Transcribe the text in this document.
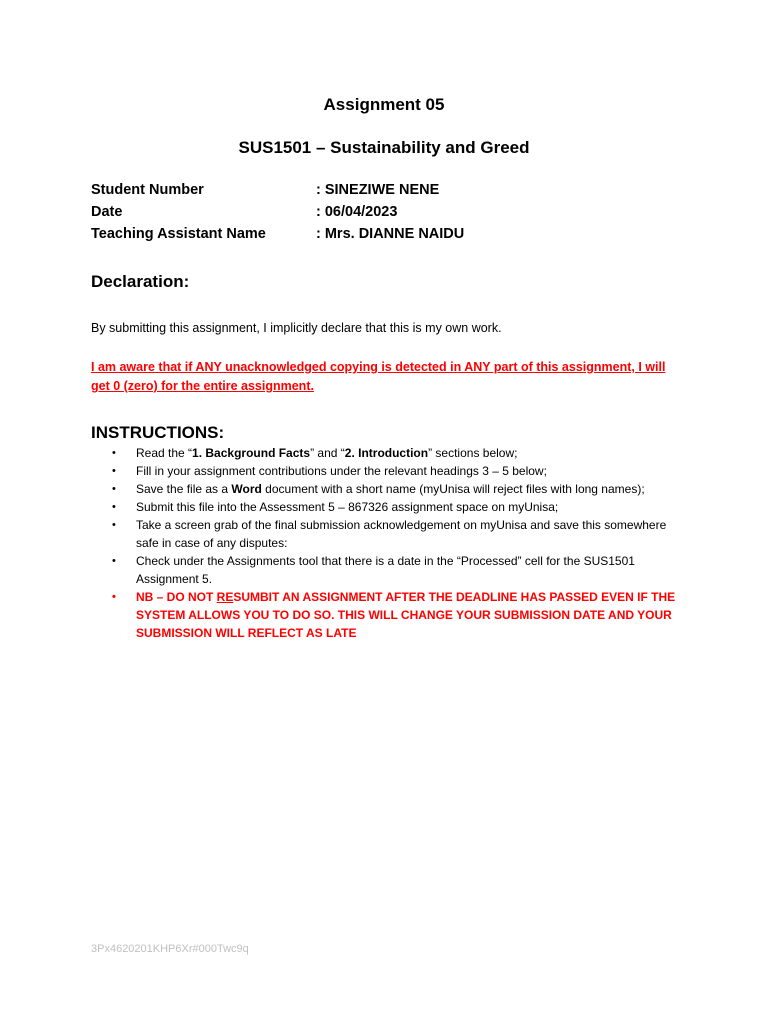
Assignment 05
SUS1501 – Sustainability and Greed
Student Number	: SINEZIWE NENE
Date	: 06/04/2023
Teaching Assistant Name	: Mrs. DIANNE NAIDU
Declaration:
By submitting this assignment, I implicitly declare that this is my own work.
I am aware that if ANY unacknowledged copying is detected in ANY part of this assignment, I will get 0 (zero) for the entire assignment.
INSTRUCTIONS:
• Read the “1. Background Facts” and “2. Introduction” sections below;
• Fill in your assignment contributions under the relevant headings 3 – 5 below;
• Save the file as a Word document with a short name (myUnisa will reject files with long names);
• Submit this file into the Assessment 5 – 867326 assignment space on myUnisa;
• Take a screen grab of the final submission acknowledgement on myUnisa and save this somewhere safe in case of any disputes:
• Check under the Assignments tool that there is a date in the “Processed” cell for the SUS1501 Assignment 5.
• NB – DO NOT RESUMBIT AN ASSIGNMENT AFTER THE DEADLINE HAS PASSED EVEN IF THE SYSTEM ALLOWS YOU TO DO SO. THIS WILL CHANGE YOUR SUBMISSION DATE AND YOUR SUBMISSION WILL REFLECT AS LATE
3Px4620201KHP6Xr#000Twc9q
